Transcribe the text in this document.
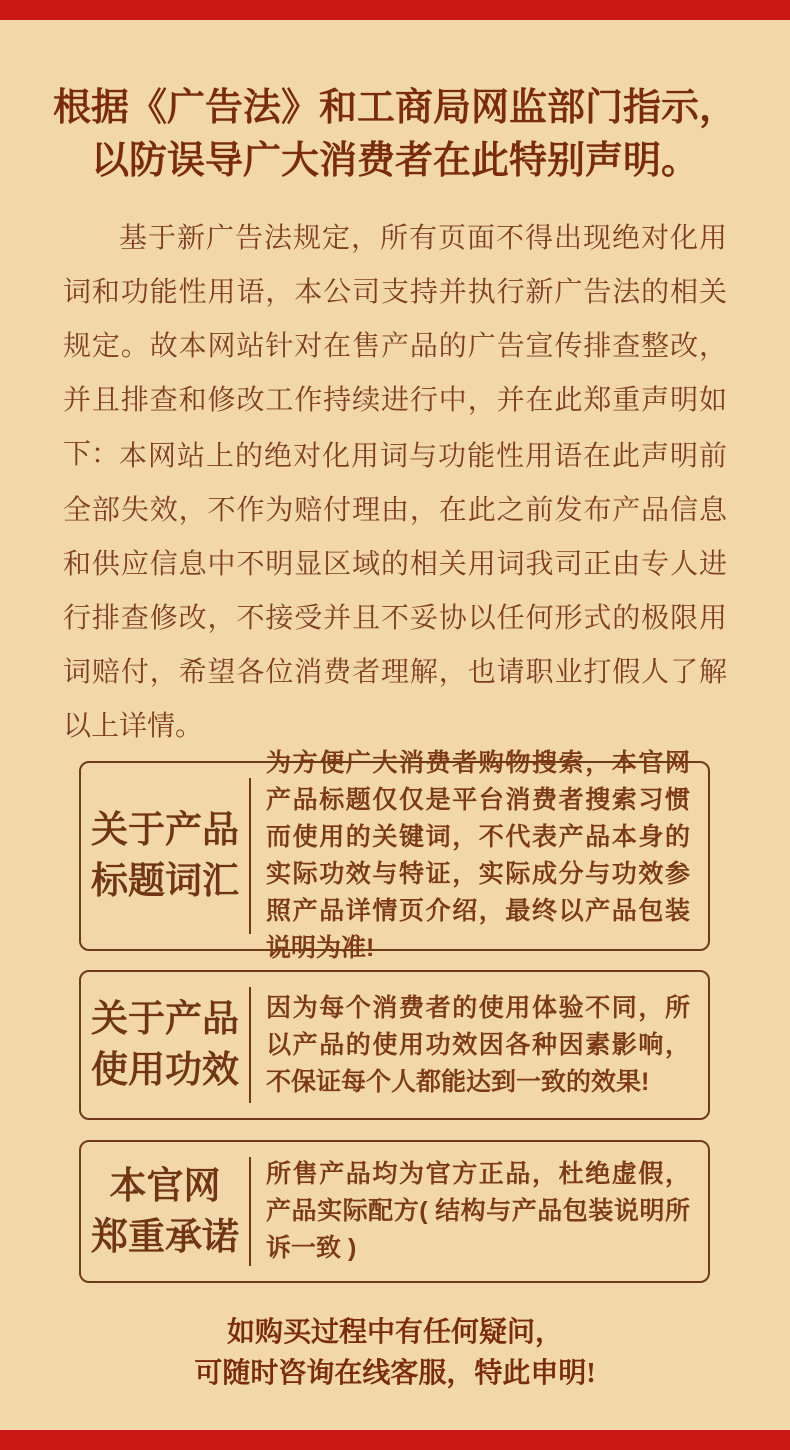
根据《广告法》和工商局网监部门指示，
以防误导广大消费者在此特别声明。

基于新广告法规定，所有页面不得出现绝对化用词和功能性用语，本公司支持并执行新广告法的相关规定。故本网站针对在售产品的广告宣传排查整改，并且排查和修改工作持续进行中，并在此郑重声明如下： 本网站上的绝对化用词与功能性用语在此声明前全部失效，不作为赔付理由，在此之前发布产品信息和供应信息中不明显区域的相关用词我司正由专人进行排查修改，不接受并且不妥协以任何形式的极限用词赔付，希望各位消费者理解，也请职业打假人了解以上详情。

关于产品
标题词汇
为方便广大消费者购物搜索，本官网产品标题仅仅是平台消费者搜索习惯而使用的关键词，不代表产品本身的实际功效与特证，实际成分与功效参照产品详情页介绍，最终以产品包装说明为准!
关于产品
使用功效
因为每个消费者的使用体验不同，所以产品的使用功效因各种因素影响，不保证每个人都能达到一致的效果!
本官网
郑重承诺
所售产品均为官方正品，杜绝虚假，产品实际配方( 结构与产品包装说明所诉一致 )
如购买过程中有任何疑问，
可随时咨询在线客服，特此申明!
